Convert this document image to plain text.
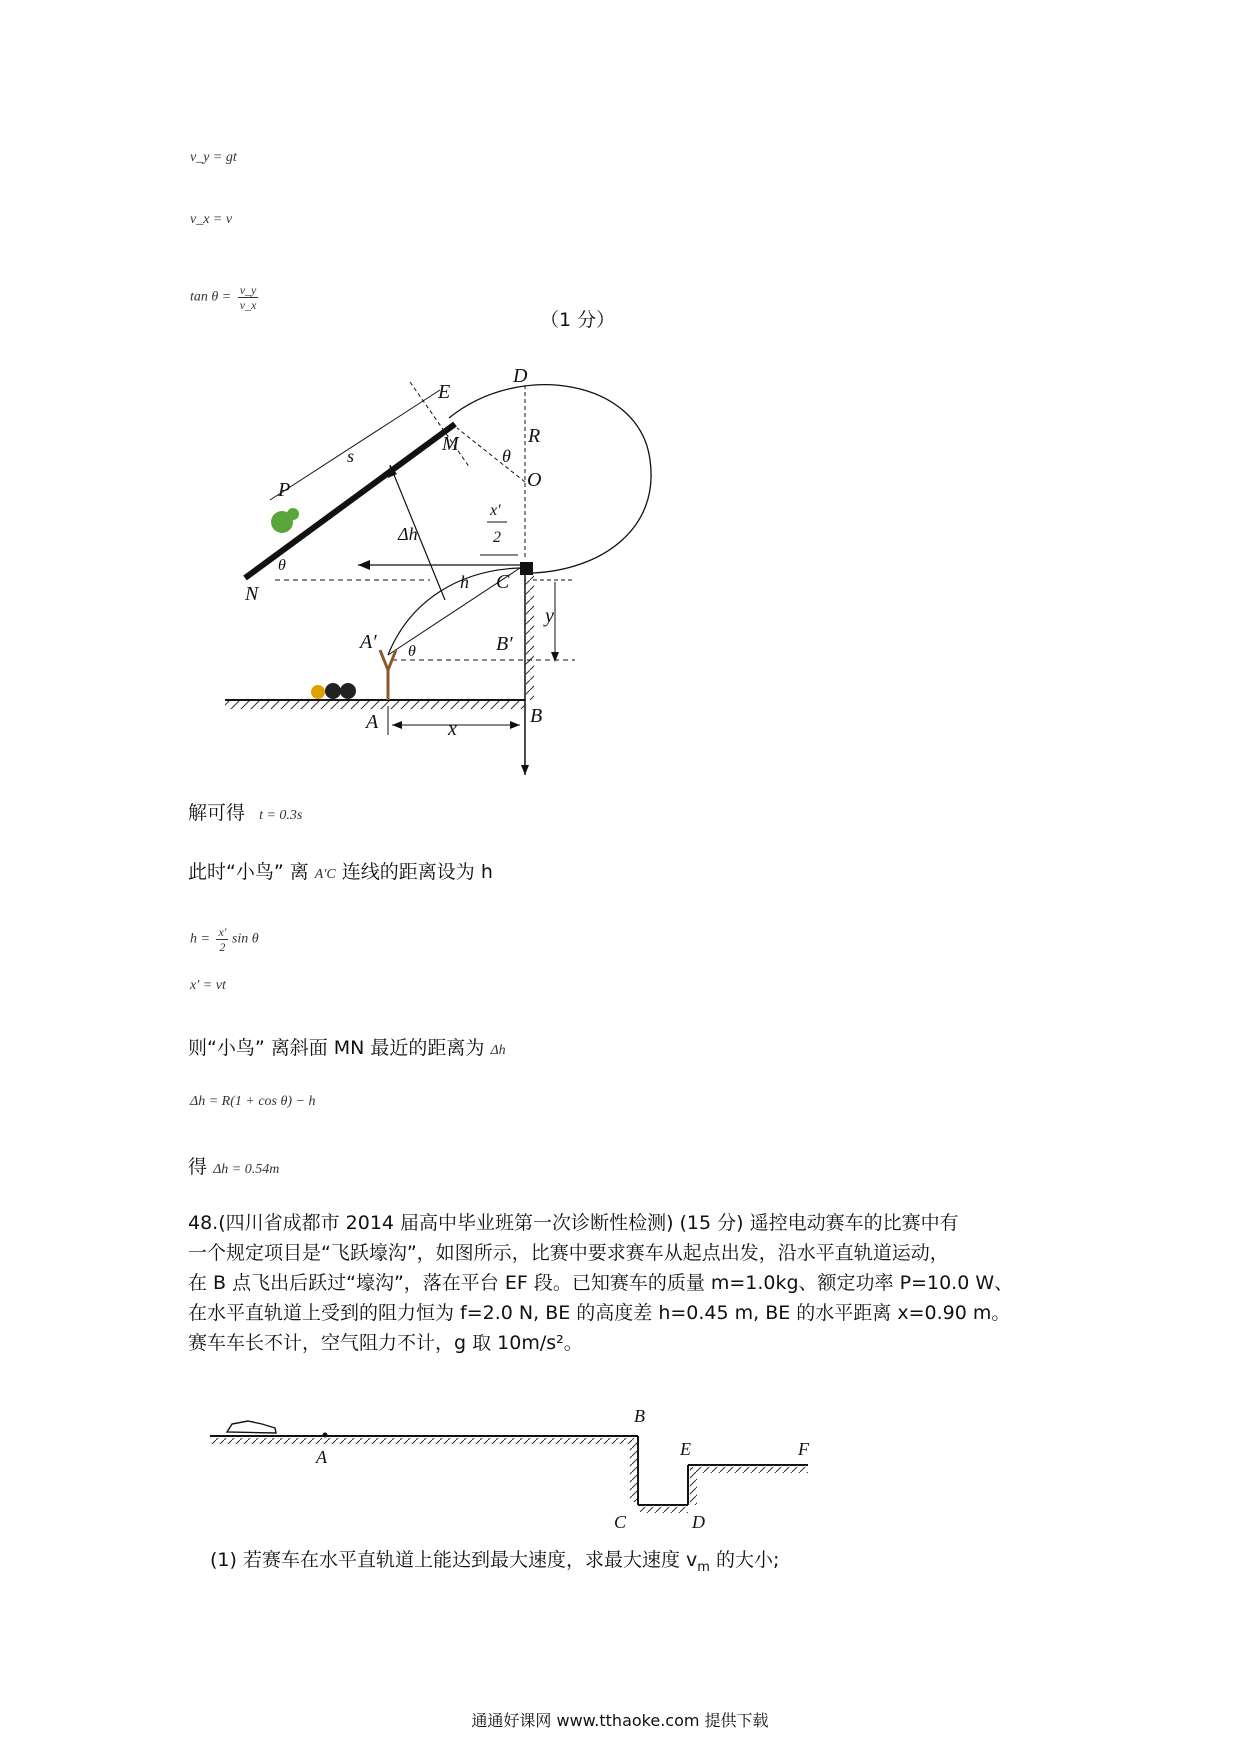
v_y = gt
v_x = v
$\tan \theta = \frac{v\_y}{v\_x}$
（1 分）
D
E
R
M
θ
O
s
P
x′
2
Δh
N
θ
h C
y
A′ θ	B′
A	x
B
解可得 t = 0.3s
此时“小鸟” 离 A′C 连线的距离设为 h
$h = \frac{x'}{2}$ sin θ
x′ = vt
则“小鸟” 离斜面 MN 最近的距离为 Δh
Δh = R(1 + cos θ) − h
得 Δh = 0.54m
48.(四川省成都市 2014 届高中毕业班第一次诊断性检测) (15 分) 遥控电动赛车的比赛中有
一个规定项目是“飞跃壕沟”，如图所示，比赛中要求赛车从起点出发，沿水平直轨道运动，
在 B 点飞出后跃过“壕沟”，落在平台 EF 段。已知赛车的质量 m=1.0kg、额定功率 P=10.0 W、
在水平直轨道上受到的阻力恒为 f=2.0 N, BE 的高度差 h=0.45 m, BE 的水平距离 x=0.90 m。
赛车车长不计，空气阻力不计，g 取 10m/s²。
A
B
C	D
E	F
(1) 若赛车在水平直轨道上能达到最大速度，求最大速度 $v_m$ 的大小;
通通好课网 www.tthaoke.com 提供下载
